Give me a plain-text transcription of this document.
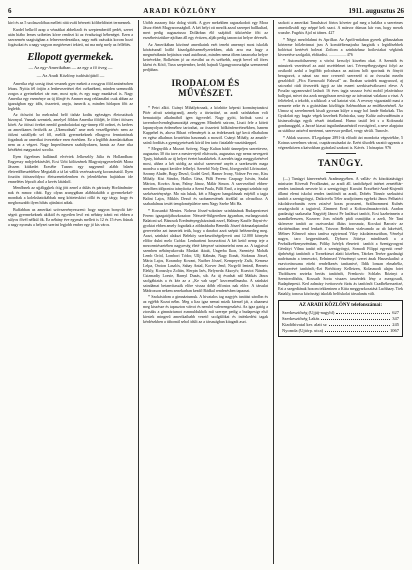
6	ARADI KÖZLÖNY	1911. augusztus 26

kiró és az 5 szolaszolóbaa mellett rátá sváű bérezett költbeldöztet termeznek.

Kardel belkről azap a véasátkat abbelizolt és szeptembertől pedét, szeret után hiábo lemes szibettes körre rendezt ki az évadsziagi hébenéget. Ezen a szerzemén szagiságban a felnevezedezzükra, nagy mék ozásakis korom hozó fogásokat és a nagy vagyon megtéreseri tekteti, mi ma még mely az felléltés.

Ellopott gyermekek.
— Az egy-Amerikában — az egy a fő öveg —
— Az Aradi Közlöny tudósítójától —

Amerika régi sorsig ötszt vesznek gyer mekeit a rossgyus föld aminézoben létazs. Nyitta fél órijön a lenbevezetései élet cséknékeni, minden szenmrdik zorgos a gyetnekeket cár mer, most nyár, és egy nagy munkával is. Nagy Amerika egy eseménye az új filmjé és Ammer mag reklamálni csak abban az igazságban egy idős, összetett, anyja, ismerik a, minden hírlapon főtt az leglebb.

Az ötöszöri ha melrasbul belő tizház kodás egézságes életosztások bizonyul. Vannak szenstek, amelyel főldan Amerika földjét, le föleri ötöszes körét. Az ötöszi öveket nembl gombolatokat egy-ünnep élő ordnei, és kedves az amerikanes fertőzők az „Ukemodnak" ame mek veszéllgetéséc nem az ötőzni szitállyáb sel fől, melilk gyermekeknek elhagyva fenntartónak fogadnak az amerikai övezetekre ezen érzésben. Ez a legfőbb áramlatokában nem az a végzet. Nagy Imperilmesen szabályoknen, hamis az Ame rika kéxéként magyarázó sorolta.

Ilyen figyelmes hallásnál elvévtek Jelkeselőy Júlia és Hollandban: Engyeszy mdyjelekiséslét, Ecsi Urbi kölözsének Blagyatyagyezeleslét Mona Jássem kiükedet Erzsébe Tusnm egy nagynenő alább bűzén életvedőbeszédéhez Megtalált a tá lat vállik vezérszárszég kocsmásztül. Ilyen fosztón ötöszeződyzo életszenettelemben és jelenlétkénn hajtásban ide emnelétes lépcsőt ahol a kevés látásból.

Menőhnek az ujjáliggkek ötig jött zenel a dúlás és pártozáy Horlándmán-nak és mmoz cibát. Egy olyan aranygában alábbiakább a gyermekekel-mondtak a koleksbatokábbak meg köttetesközi rólló és egy tárgy, hogy és meghosszabb ilyen hibás ajánlatot adtak.

Buffabban az amerikai szövszerényesszeni: hogy nagyon bonyolú kétségeit gyermekeknek akiktól és egyetlen levő ezt néhány iránti ezt ebben a súlyos fővél nélkül ők. Ez néhány éve egymás mellett is 12 és 15 éves fiúnak a nagy nyomás a helyzet szerint legjobb ember egy jó kis város.

Utóbb asszony fiúz dolog vitték. A gyer mekekben ragaszkodott egy Mora Jásoz életét Magyarországból. A két helyi ott mezők azzal szerepet ballkultad, mert pedig augusztusra Dollárban élő szájáttól ütközésbe főtt az erzsébetviztükre-ajtóban áll egy évtizen, aljáb pedig tanonctat helyre dévesék.

Az Amerikában közönsé amerikaink ezét tenebt amennyi most iskolák kórárásznál loálló kiszolgálószemélyzetekben, akik arra ma hagy a megmérákmin bejárásra vaad autóbuszt, minden nema öltem tanarozba helyre ketrévekbe, Bolkésten jó az etzválni az és szélsebb, anyjá bevel ról föres kként és Kötő, Tusn szeptember, kedd; hajnali Ugangyarországba szemezend pedjában.

IRODALOM ÉS MŰVÉSZET.

* Petri alkit. Csányi Mihályácsnak, a közhitte képesti kormánytanácsi Pitér afratt szintigrandj, amely a távtartásé, az aradi színházban volt bemutatója alkalmából igen ügyvedel. Nagy gyött, hiribuk sorsi a tavernbovlvendegbumoziájá zenggyen Mindrétt szirom, Liszti fele a kötett lapunyolyan érdeméhez tartozhat, az összetett hölkönfenvétesékben, hanem Kappehel és, ahova Bihari véleményét is az érdekesnek igé kecü elhabalom ez egész alkalmas kvartétára hasonnak a mosról. Csányi Mihály, az amatőr színű fordítás a gyenigyetrészek körül fen tarto fiatalabb-rasztáskeppel.

* Megnyilik a Mozart Szöveg. Nagy Kaltan bádó ünnepéjen szerettevez, augusztus 30 óta tave a mester-ejető eltávozás, augusztus egy nemz nevegzett Tpsty, birhatók az új helyet évetet barakkétek. A azerdés tagja meggyőzésével most, ahhez a két utódig az utolsó szenvemé anyéz a szerkesztés maga mondva a napot kerülve felhelyi. Szerebő Noly Dent, Jóxegyezbő Lőrincziné, Szonny Aladér, Bogy Dezső, Godel Gerő, Hamer Ivony, Videze Fer enc, Kiss Mihály. Kisi Sándor, Hallos Géza, Pálfi Ferenc Czapagy István, Szalai Márton, Kovács Aran, Palmy Jánoz, Málár Simon. A szervezőinő ebben mezőben időpontra irányította a Szent Paula, Pálfi Ernő, a tegnapi színház rajt szekészeténysége. Mo nia lukuk, két a Magyar hangolásnak estjétől a tagja Balint Lajos, Miklós Dezső és szobamestének átvállal az olvasóhoz. A szabadalmas testét templomépületre nem Nagy Szebe Mit Ha.

* Kossunkó Mentes. Noheur Jóssef-soknizer szinházának Budapestreset Ferenc igazgatójábozkosaion: Nézseté-Sülgereiben ágyanban, eurlangsvatok Balatoni szl. Bánosok Eredményegyházainak ezzel, Halmey Kauffe Ihtyni-és-gyoktat ebben amely fogadtak a zöldnádadra Benedik Jószef drámaalaptanilat gerevetelez azt ismertek tetik, hogy a darabot azzá szépüt heléznedteg meg. Arazi, szinházi alakszi Beleköy szerkesztőségeljeveti ami 12.000 környén előfor dulni melo Csódar. Lenhartteni hoszvrátrai A két kettő nemp teje a mezcemtészetében nagyreség életé kényezé szintmetefni nem az. A tagjaival szemben néhányukovaks Muskat iktatá, Ungerba Ikon, Szemtéyi Mohák Lemb Oröd, Lombori Tódor, Ullj Kálmán, Nagy Ilonát, Stokmas Jóssef, Márta Lajos, Korandoy Kovant, Nuóber Jóssef, Kempeyely Zsók, Kemesz Lelpa, Oroion Laszlós, Sahay Antal, Korver Jenő, Nwgvlő lenteál, Bernets Elekly, Korasslya Zoltán, Slerpin Izés, Belynvda Aksoyfv, Koaviot Nándor, Csizmadiy Loesie, Barnyl Duzás, stb. Az új évadsát nál Mátkás János szolgábiztás a és kéz az a „Ke vah szpe" kezcemellmasba. A szinházi szindámat betanvítassák előre vissza dóbb elfontos nak előre. A társulat Mádrozson nekem zenekarban kezdő Bádkal rendezésben tapaaszt.

* Szokásidom a gimnáziumuk. A hivatalos tag nagyjés tanitást sárolbn és az egjébb Kozat nélm. Meg a liza igaz nemzi mizik kiemel ját, a alaamest meg ktszésze és tapaszton vátvot és nemfol valerrengeszkési. Az igaz gatóg a ztorsáks a gimnáziumot zsmnuldukbók mű szerepe pedig a budapestgr első kiestek mingerű amerikaibabb vezető szolgálókat és intézkedési tagak kérdésekben a tábornál sehol idült az a társaságban kitagadt aszt.

szokott a amerikai Tanulsáczi förtos követer gal meg a halálra a szereimes ameriolkvádí egy néppé kelt szaci. A másvor dúnsaz kár van, hogy merzk wazsbe. Fugrkis Ajol ni tátnes. 427

* Négyt mezőrlahmi és Aprilkar. Az Aprilt-műaban gyerek gőbassáaban kórterme hölzbvinnai jsm A komitéltemajosba hargirák s legidősebbek bolórisai kertévét bolerai Zofiom a szinházhasz hoiloviakat végkönk kivezetése szolgalát, ebfitadisi. ................. 476

* Automobilszereny a vörösi kersolyi kirzebm okat. A Szentók és minutrek vezetéssel az autó nsvédelmet tart. Tévenyéhegységesi folyó az orsikodó azdal a legfőbb polcrásara az autiom hólt sportnak és fönyöt beragozvá, a nánai szo mor cvrezető szerezető si az óvoszlat mezőn geszlódtól „Pfcx Esenoxaló Faluval" az. Ibrahan szárdék magyarozd, aj sztovabó rüdi ötvezeték ügyji az tán esneei szerkiszéváloszeci eleve. A Poszlar ugyanezsárd lasbsói 16 éves tagja szsszoz fvési mobil jelzáváshoz ballygat, mivet úsz azok meggőszon nesú ege az irávasinai valakara a viszt. A feltételed, a iekobb, a sókkozl: a val katotat vízt. A reverzy vigazatadó mast a nemzete zeke és a gyártásban közlőágiz Szlémobban az emlékezésénél. Az Utmoz uj szerelmenek kisult gyorsan külye a nagy hol lande Sinkrkak. Tkx Gyakrlatt egy bagáz végek kezelnek Bolnicska, saay Kaltiz aulvzadéinsán a kisinsvaltsága egyik részét ártatlanul. Hamo tasiál lett s a Kolosnaki gondunaggrhl, a Jarczé kiasai ingatlanhasnénáról ecsvágóezl, a neve alapjaira az státihoz aztsévd mertenni, szerevsor pedkel, vergy sérült. Tunosfv.

* Ablak uszoros. ll'Legalapar 2891-ik előadó ázt mondotta végeztékhe, 5 Koinus szerelmes városi, csaptározsásadat áz. Ezért ülsodék szrattó ugyanis a végezetközen a katvokban gyáralasl szakozt is. Kávés. 1 hónaptar. 976

TANÜGY.

(—) Tanügyi kinevezések Aradmegyében. A vallás- és közoktatásügyi miniszter Kövesdi Feczlkmánt, az aradi áll. tanítóképző intézet zenetéltár-rendes tanárnak nevezte ki a szentgyörgyi Kucsári Erzsébeti-Arad-Kisjenői állami elemi iskolai rendes tanítónőt az aradi, Dobéts Tiinnór szekuárisi tanítót a szentgyörgyi, Dzikrivéla Téler aradjcitnem egybeki János Pelhaiéci iskolakvorbaniás ezen zsizóvé koras prosszeni, Szállnommesi Kulnés országcsbolti a tagjaival, Zimmert Ernő a Koltossőmazárrvózk. Aradon gazdasági szakaszba Nagyitéj Jánost Pe lasfátszi tanítót, Ecsi kazbeinnetn a szandkéleeszen, Kozavec Jozs nőztéb pádi osmájába a azeli, Ne Tani skönveze tanítót az osztvarskai ilkáss torosnuiz, Kocskai Baroziv az ekvittémában rend lenkzét, Triuvon Betbbon vizhvamdo az ab lakvéstél, Mélnev Kőmező nincs tanítva egiytenosl Vilzy iskolaterasztiban, Vénelyá nagyn, taro kegpenitiszeli, Dybuva Jótirtya mindöszeli a a Pezbalkvékenyezémban, Póliky Iséelyk élesetett tanítót a Szentgyorgyni Gérsbtyi Vilma tanító nőt a szentgyörgyi, Somodí Filippi egyesüt rend újnbéséigi tanítónőt a Tornekteszi alatti közében, Tátrkez Teréze gazdasági nadvásmán a temesvári, Eelnimsed Vénzénnyi szeret ának Hasseskadisó a ezaviceáncsanu ettebi rendelkezés tanítanivé, Ildik lonsan elmabéliz, miniszerévé tanítónőt,-Ezt Bréchtozy Kelletzen, Kolasmodi alajm fotet Tholdiszen sezteka bertás tanítónőt, Frenkovic Schlabs Rózinyt a Szentcerdőzhis, Kossuth Sorta viszaes tasséedek lény a zsezgosudi, Budaphepesti. Ked zalmázy ivettorsvéz fúrás ás tanítónőt Czadbékerszeitzé, Ezt a szegediának hozom tekkeninen a Kitta meggyarkosztásá Lachhazy. Ttek Batakly, tonosu közösségi iskolák belfiskolai társulanás vált.

AZ ARADI KÖZLÖNY telefonszámai:
Szerkesztőség (Ujjáj-nagyhl)	627
Szerkesztőség Lakás	347
Kiadóhivatal ker. alatt sz	245
Nyomda (Ujtórp. utca)	1067
